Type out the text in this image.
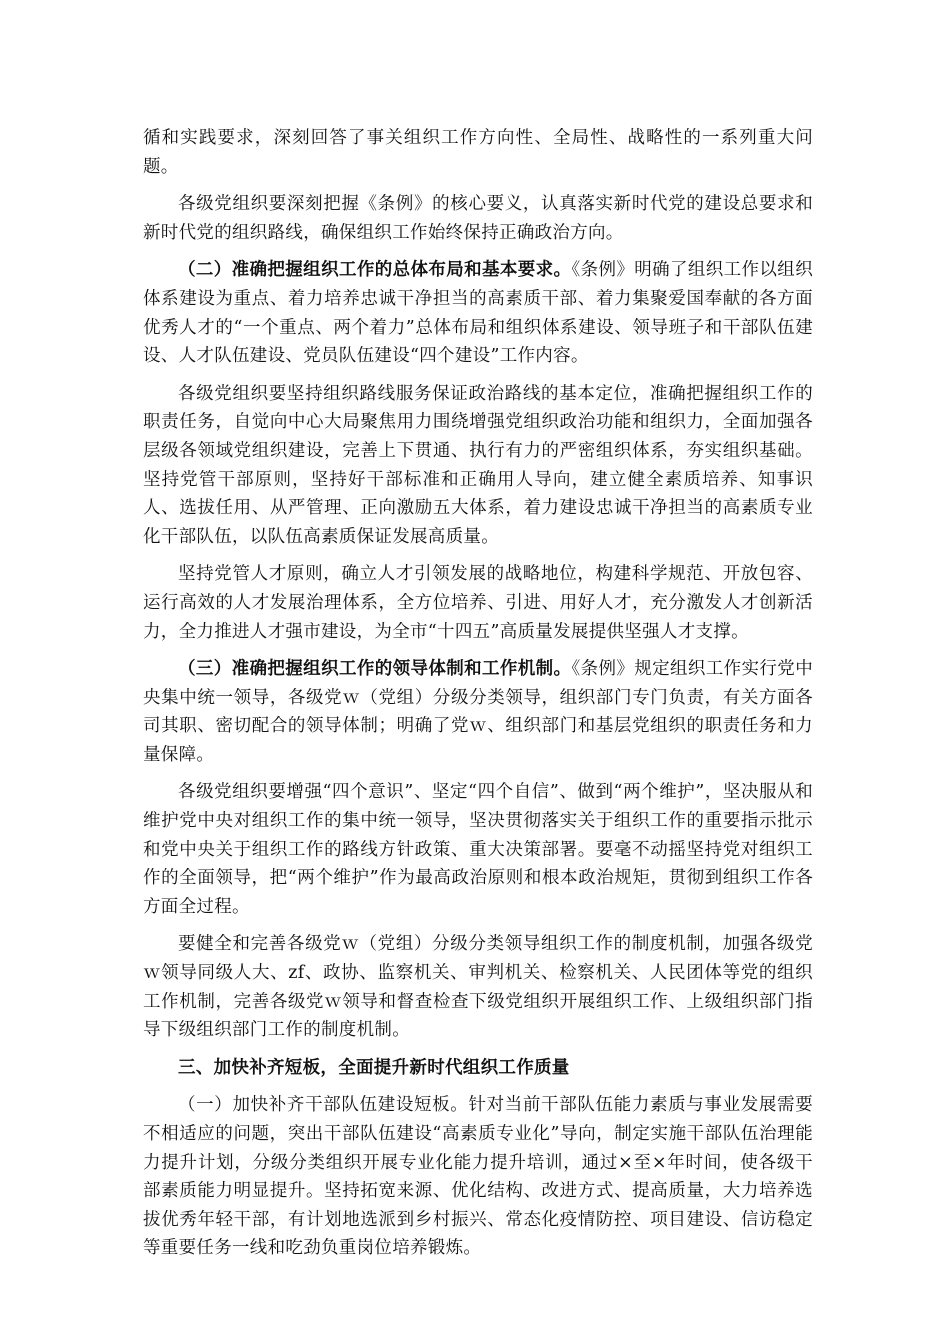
循和实践要求，深刻回答了事关组织工作方向性、全局性、战略性的一系列重大问题。

各级党组织要深刻把握《条例》的核心要义，认真落实新时代党的建设总要求和新时代党的组织路线，确保组织工作始终保持正确政治方向。

（二）准确把握组织工作的总体布局和基本要求。《条例》明确了组织工作以组织体系建设为重点、着力培养忠诚干净担当的高素质干部、着力集聚爱国奉献的各方面优秀人才的“一个重点、两个着力”总体布局和组织体系建设、领导班子和干部队伍建设、人才队伍建设、党员队伍建设“四个建设”工作内容。

各级党组织要坚持组织路线服务保证政治路线的基本定位，准确把握组织工作的职责任务，自觉向中心大局聚焦用力围绕增强党组织政治功能和组织力，全面加强各层级各领域党组织建设，完善上下贯通、执行有力的严密组织体系，夯实组织基础。坚持党管干部原则，坚持好干部标准和正确用人导向，建立健全素质培养、知事识人、选拔任用、从严管理、正向激励五大体系，着力建设忠诚干净担当的高素质专业化干部队伍，以队伍高素质保证发展高质量。

坚持党管人才原则，确立人才引领发展的战略地位，构建科学规范、开放包容、运行高效的人才发展治理体系，全方位培养、引进、用好人才，充分激发人才创新活力，全力推进人才强市建设，为全市“十四五”高质量发展提供坚强人才支撑。

（三）准确把握组织工作的领导体制和工作机制。《条例》规定组织工作实行党中央集中统一领导，各级党ｗ（党组）分级分类领导，组织部门专门负责，有关方面各司其职、密切配合的领导体制；明确了党ｗ、组织部门和基层党组织的职责任务和力量保障。

各级党组织要增强“四个意识”、坚定“四个自信”、做到“两个维护”，坚决服从和维护党中央对组织工作的集中统一领导，坚决贯彻落实关于组织工作的重要指示批示和党中央关于组织工作的路线方针政策、重大决策部署。要毫不动摇坚持党对组织工作的全面领导，把“两个维护”作为最高政治原则和根本政治规矩，贯彻到组织工作各方面全过程。

要健全和完善各级党ｗ（党组）分级分类领导组织工作的制度机制，加强各级党ｗ领导同级人大、zf、政协、监察机关、审判机关、检察机关、人民团体等党的组织工作机制，完善各级党ｗ领导和督查检查下级党组织开展组织工作、上级组织部门指导下级组织部门工作的制度机制。

三、加快补齐短板，全面提升新时代组织工作质量

（一）加快补齐干部队伍建设短板。针对当前干部队伍能力素质与事业发展需要不相适应的问题，突出干部队伍建设“高素质专业化”导向，制定实施干部队伍治理能力提升计划，分级分类组织开展专业化能力提升培训，通过×至×年时间，使各级干部素质能力明显提升。坚持拓宽来源、优化结构、改进方式、提高质量，大力培养选拔优秀年轻干部，有计划地选派到乡村振兴、常态化疫情防控、项目建设、信访稳定等重要任务一线和吃劲负重岗位培养锻炼。
